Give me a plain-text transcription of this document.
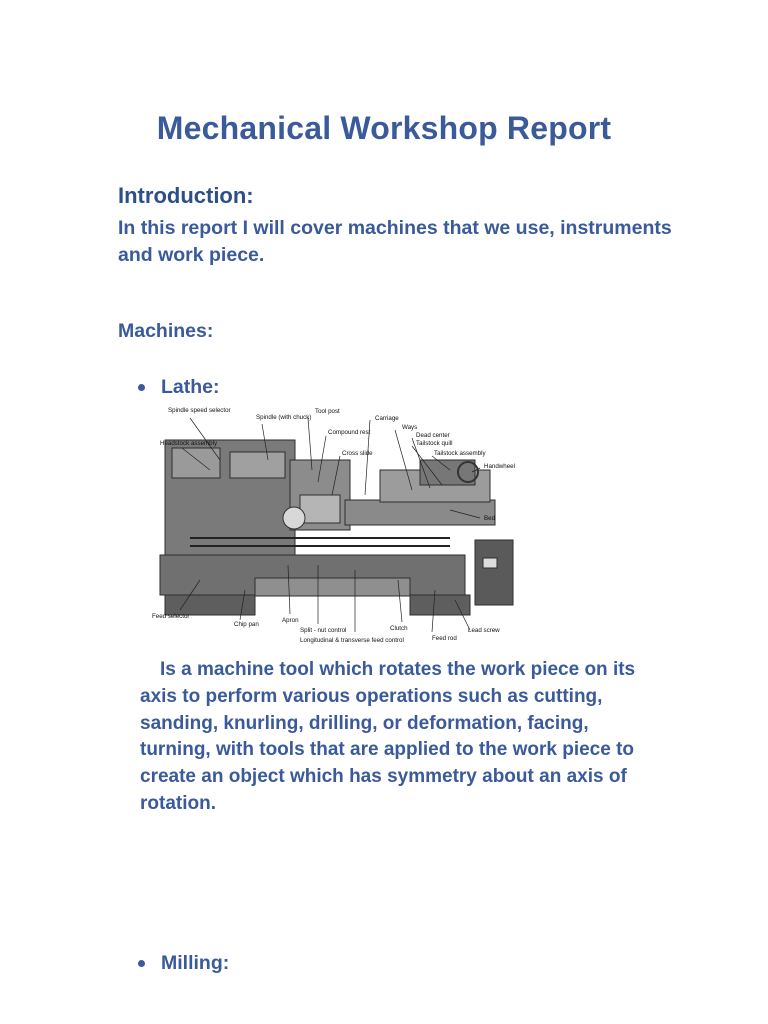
Mechanical Workshop Report
Introduction:
In this report I will cover machines that we use, instruments and work piece.
Machines:
Lathe:
Spindle speed selector
Headstock assembly
Spindle (with chuck)
Tool post
Compound rest
Cross slide
Carriage
Ways
Dead center
Tailstock quill
Tailstock assembly
Handwheel
Bed
Feed selector
Chip pan
Apron
Split - nut control
Longitudinal & transverse feed control
Clutch
Feed rod
Lead screw
Is a machine tool which rotates the work piece on its axis to perform various operations such as cutting, sanding, knurling, drilling, or deformation, facing, turning, with tools that are applied to the work piece to create an object which has symmetry about an axis of rotation.
Milling:
